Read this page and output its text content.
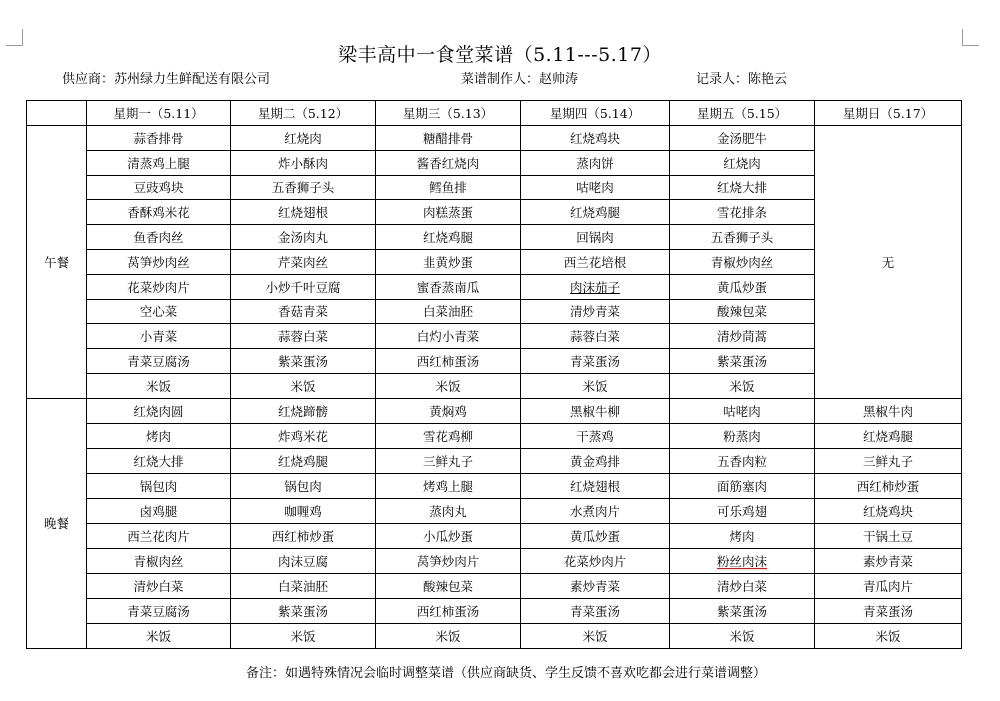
梁丰高中一食堂菜谱（5.11---5.17）
供应商：苏州绿力生鲜配送有限公司	菜谱制作人：赵帅涛	记录人：陈艳云
	星期一（5.11）	星期二（5.12）	星期三（5.13）	星期四（5.14）	星期五（5.15）	星期日（5.17）
午餐	蒜香排骨	红烧肉	糖醋排骨	红烧鸡块	金汤肥牛	无
	清蒸鸡上腿	炸小酥肉	酱香红烧肉	蒸肉饼	红烧肉	
	豆豉鸡块	五香狮子头	鳕鱼排	咕咾肉	红烧大排	
	香酥鸡米花	红烧翅根	肉糕蒸蛋	红烧鸡腿	雪花排条	
	鱼香肉丝	金汤肉丸	红烧鸡腿	回锅肉	五香狮子头	
	莴笋炒肉丝	芹菜肉丝	韭黄炒蛋	西兰花培根	青椒炒肉丝	
	花菜炒肉片	小炒千叶豆腐	蜜香蒸南瓜	肉沫茄子	黄瓜炒蛋	
	空心菜	香菇青菜	白菜油胚	清炒青菜	酸辣包菜	
	小青菜	蒜蓉白菜	白灼小青菜	蒜蓉白菜	清炒茼蒿	
	青菜豆腐汤	紫菜蛋汤	西红柿蛋汤	青菜蛋汤	紫菜蛋汤	
	米饭	米饭	米饭	米饭	米饭	
晚餐	红烧肉圆	红烧蹄髈	黄焖鸡	黑椒牛柳	咕咾肉	黑椒牛肉
	烤肉	炸鸡米花	雪花鸡柳	干蒸鸡	粉蒸肉	红烧鸡腿
	红烧大排	红烧鸡腿	三鲜丸子	黄金鸡排	五香肉粒	三鲜丸子
	锅包肉	锅包肉	烤鸡上腿	红烧翅根	面筋塞肉	西红柿炒蛋
	卤鸡腿	咖喱鸡	蒸肉丸	水煮肉片	可乐鸡翅	红烧鸡块
	西兰花肉片	西红柿炒蛋	小瓜炒蛋	黄瓜炒蛋	烤肉	干锅土豆
	青椒肉丝	肉沫豆腐	莴笋炒肉片	花菜炒肉片	粉丝肉沫	素炒青菜
	清炒白菜	白菜油胚	酸辣包菜	素炒青菜	清炒白菜	青瓜肉片
	青菜豆腐汤	紫菜蛋汤	西红柿蛋汤	青菜蛋汤	紫菜蛋汤	青菜蛋汤
	米饭	米饭	米饭	米饭	米饭	米饭
备注：如遇特殊情况会临时调整菜谱（供应商缺货、学生反馈不喜欢吃都会进行菜谱调整）
